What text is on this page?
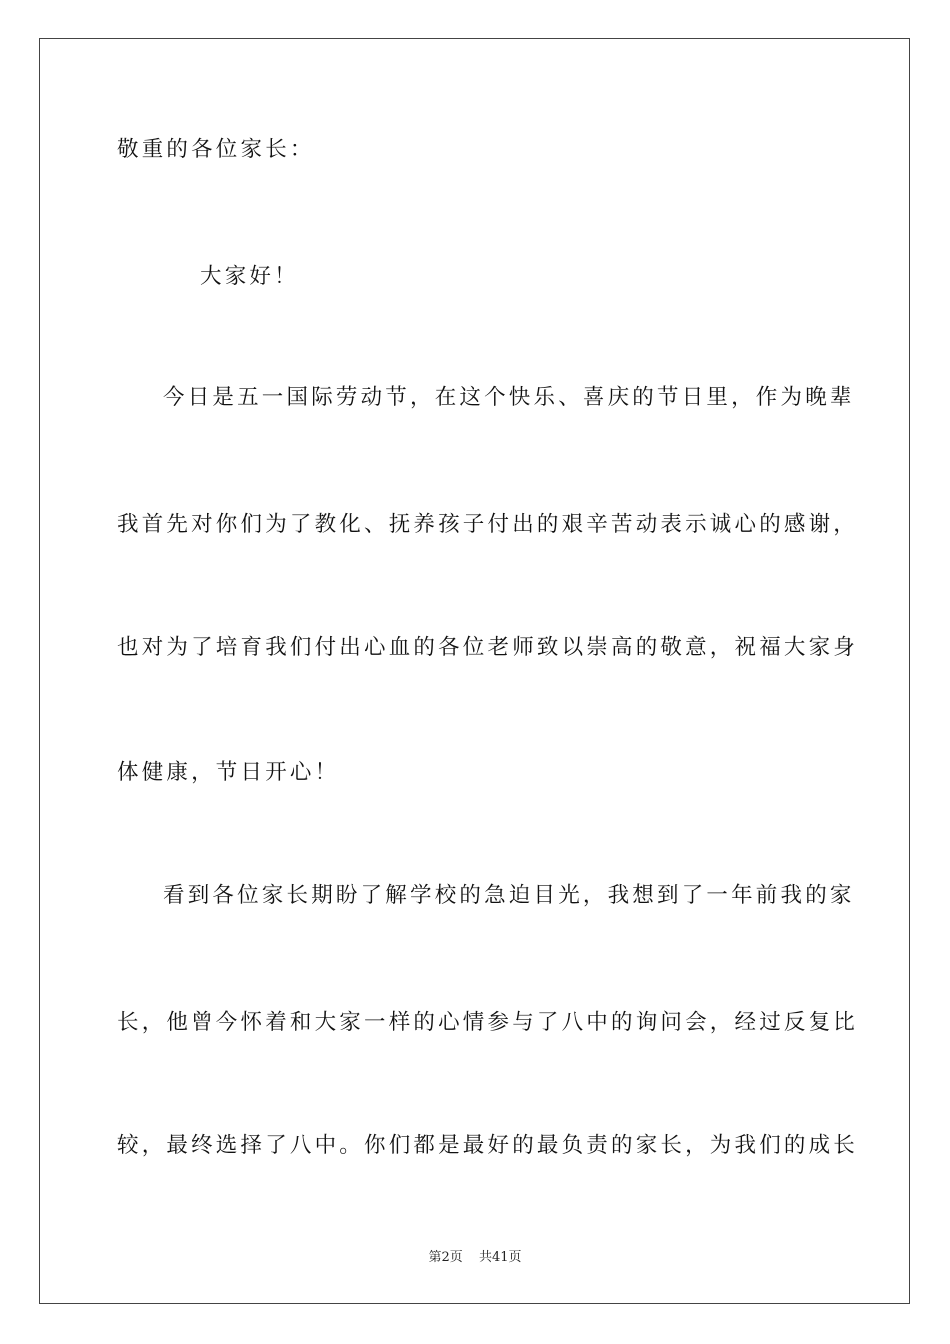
敬重的各位家长：
大家好！
今日是五一国际劳动节，在这个快乐、喜庆的节日里，作为晚辈
我首先对你们为了教化、抚养孩子付出的艰辛苦动表示诚心的感谢，
也对为了培育我们付出心血的各位老师致以崇高的敬意，祝福大家身
体健康，节日开心！
看到各位家长期盼了解学校的急迫目光，我想到了一年前我的家
长，他曾今怀着和大家一样的心情参与了八中的询问会，经过反复比
较，最终选择了八中。你们都是最好的最负责的家长，为我们的成长
第2页 共41页
